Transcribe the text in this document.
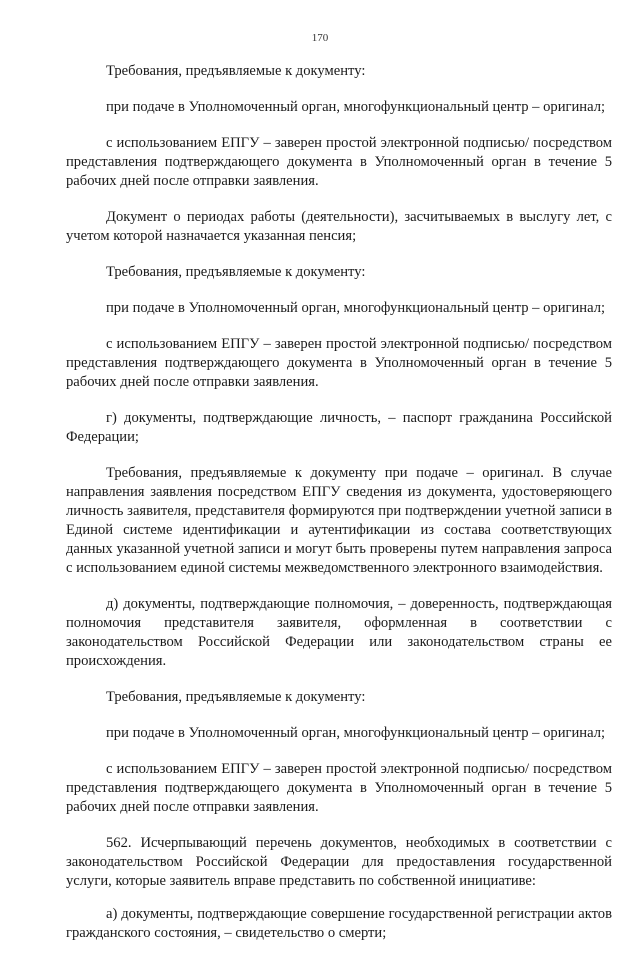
170

Требования, предъявляемые к документу:

при подаче в Уполномоченный орган, многофункциональный центр – оригинал;

с использованием ЕПГУ – заверен простой электронной подписью/ посредством представления подтверждающего документа в Уполномоченный орган в течение 5 рабочих дней после отправки заявления.

Документ о периодах работы (деятельности), засчитываемых в выслугу лет, с учетом которой назначается указанная пенсия;

Требования, предъявляемые к документу:

при подаче в Уполномоченный орган, многофункциональный центр – оригинал;

с использованием ЕПГУ – заверен простой электронной подписью/ посредством представления подтверждающего документа в Уполномоченный орган в течение 5 рабочих дней после отправки заявления.

г) документы, подтверждающие личность, – паспорт гражданина Российской Федерации;

Требования, предъявляемые к документу при подаче – оригинал. В случае направления заявления посредством ЕПГУ сведения из документа, удостоверяющего личность заявителя, представителя формируются при подтверждении учетной записи в Единой системе идентификации и аутентификации из состава соответствующих данных указанной учетной записи и могут быть проверены путем направления запроса с использованием единой системы межведомственного электронного взаимодействия.

д) документы, подтверждающие полномочия, – доверенность, подтверждающая полномочия представителя заявителя, оформленная в соответствии с законодательством Российской Федерации или законодательством страны ее происхождения.

Требования, предъявляемые к документу:

при подаче в Уполномоченный орган, многофункциональный центр – оригинал;

с использованием ЕПГУ – заверен простой электронной подписью/ посредством представления подтверждающего документа в Уполномоченный орган в течение 5 рабочих дней после отправки заявления.

562. Исчерпывающий перечень документов, необходимых в соответствии с законодательством Российской Федерации для предоставления государственной услуги, которые заявитель вправе представить по собственной инициативе:

а) документы, подтверждающие совершение государственной регистрации актов гражданского состояния, – свидетельство о смерти;
